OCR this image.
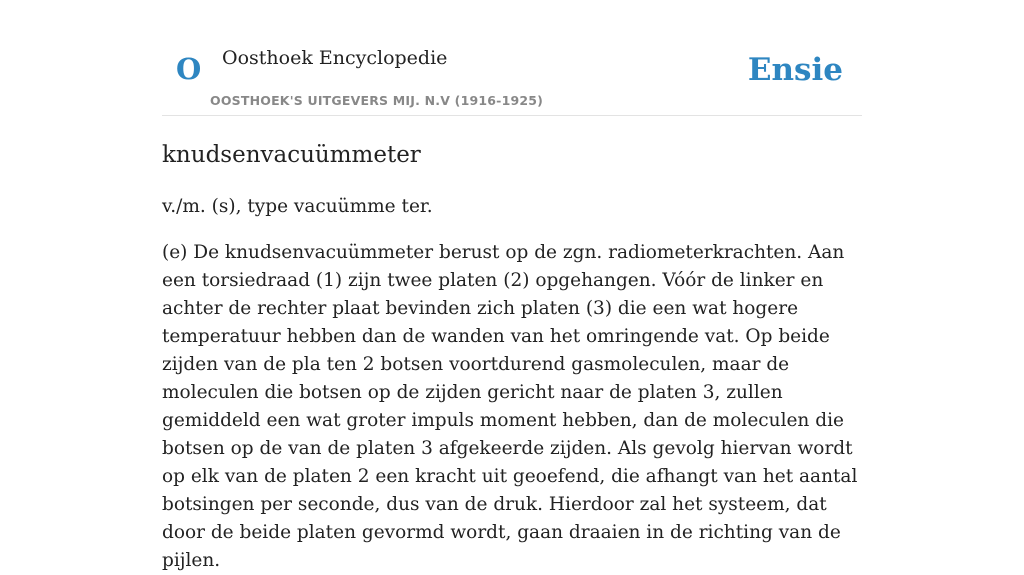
O Oosthoek Encyclopedie
OOSTHOEK'S UITGEVERS MIJ. N.V (1916-1925)
Ensie
knudsenvacuümmeter
v./m. (s), type vacuümme ter.

(e) De knudsenvacuümmeter berust op de zgn. radiometerkrachten. Aan een torsiedraad (1) zijn twee platen (2) opgehangen. Vóór de linker en achter de rechter plaat bevinden zich platen (3) die een wat hogere temperatuur hebben dan de wanden van het omringende vat. Op beide zijden van de pla ten 2 botsen voortdurend gasmoleculen, maar de moleculen die botsen op de zijden gericht naar de platen 3, zullen gemiddeld een wat groter impuls moment hebben, dan de moleculen die botsen op de van de platen 3 afgekeerde zijden. Als gevolg hiervan wordt op elk van de platen 2 een kracht uit geoefend, die afhangt van het aantal botsingen per seconde, dus van de druk. Hierdoor zal het systeem, dat door de beide platen gevormd wordt, gaan draaien in de richting van de pijlen.
